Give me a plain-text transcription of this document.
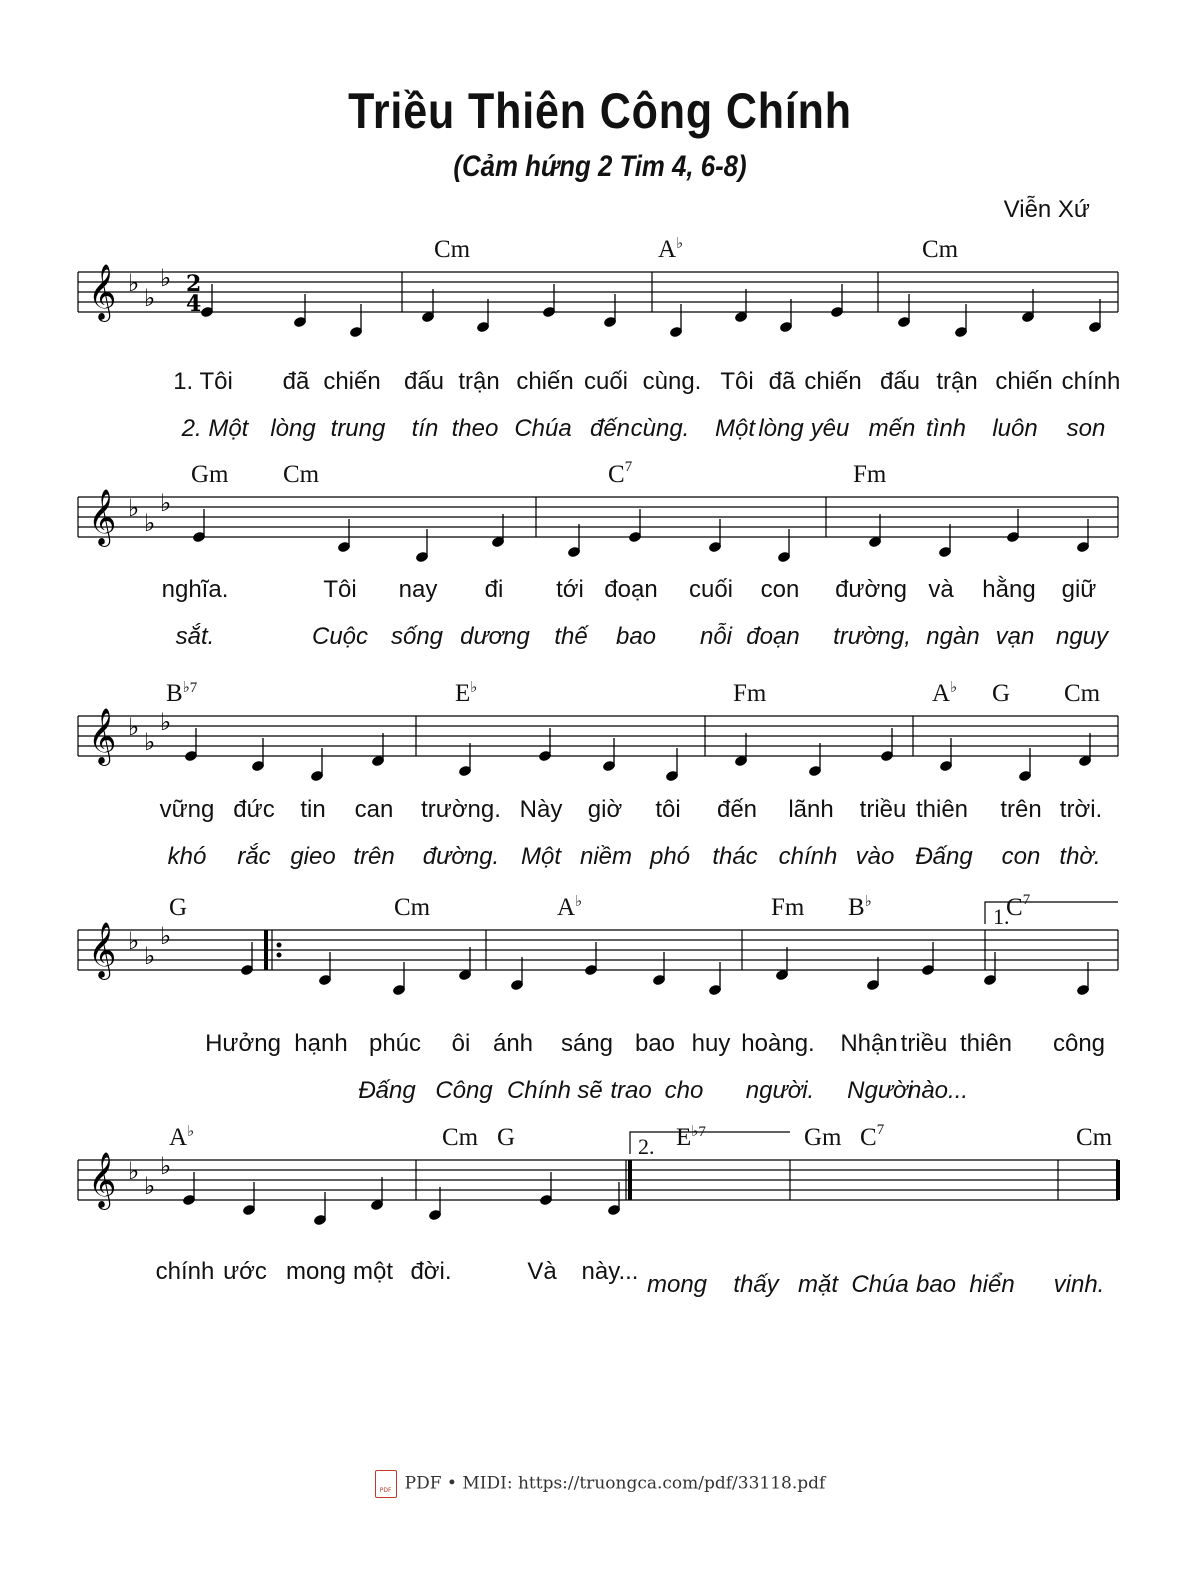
Triều Thiên Công Chính
(Cảm hứng 2 Tim 4, 6-8)
Viễn Xứ
𝄞 ♭
♭
♭ 2
4
𝄞 ♭
♭
♭
𝄞 ♭
♭
♭
𝄞 ♭
♭
♭
𝄞 ♭
♭
♭
Cm	A♭	Cm
1. Tôi đã chiến đấu trận chiến cuối cùng. Tôi đã chiến đấu trận chiến chính
2. Một lòng trung tín theo Chúa đến cùng. Một lòng yêu mến tình luôn son
Gm Cm	$C^7$	Fm
nghĩa.	Tôi nay đi tới đoạn cuối con đường và hằng giữ
sắt.	Cuộc sống dương thế bao nỗi đoạn trường, ngàn vạn nguy
$B^{♭7}$	E♭	Fm	A♭ G Cm
vững đức tin can trường. Này giờ tôi đến lãnh triều thiên trên trời.
khó rắc gieo trên đường. Một niềm phó thác chính vào Đấng con thờ.
G	Cm	A♭	Fm B♭	$C^7$
1.
Hưởng hạnh phúc ôi ánh sáng bao huy hoàng. Nhận triều thiên công
Đấng Công Chính sẽ trao cho người. Người
nào...
A♭	Cm G	$E^{♭7}$	Gm $C^7$	Cm
2.
chính ước mong một đời.	Và này... mong thấy mặt Chúa bao hiển vinh.
PDF PDF • MIDI: https://truongca.com/pdf/33118.pdf
